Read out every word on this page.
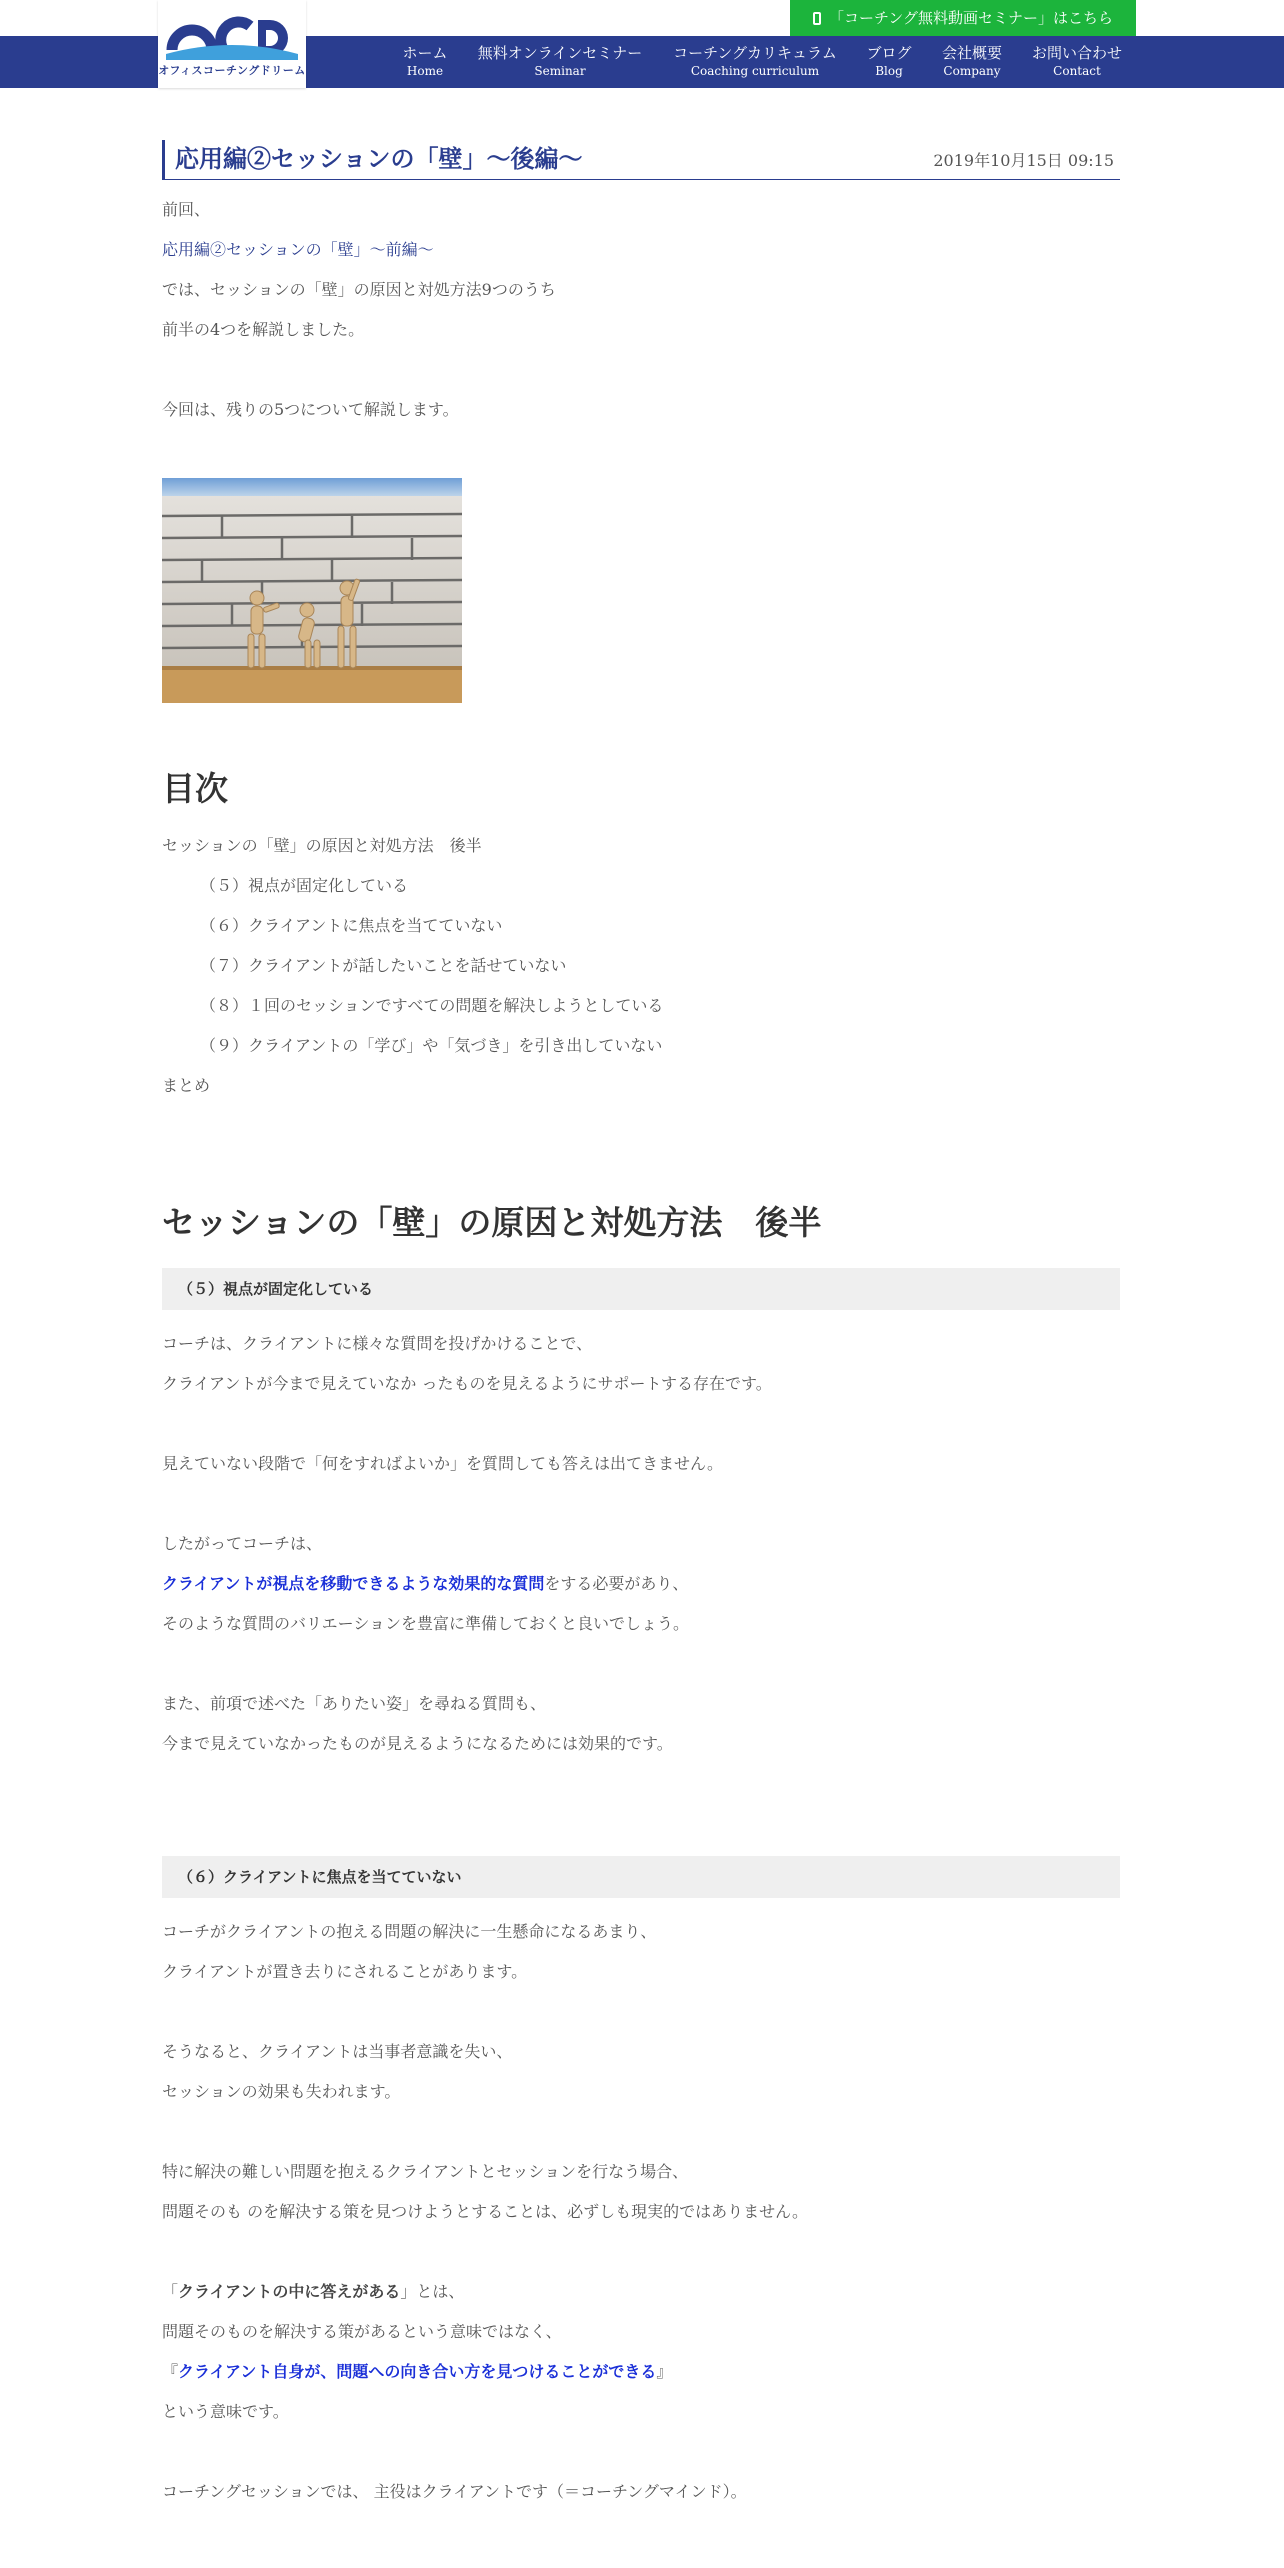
オフィスコーチングドリーム
「コーチング無料動画セミナー」はこちら
ホーム
Home
無料オンラインセミナー
Seminar
コーチングカリキュラム
Coaching curriculum
ブログ
Blog
会社概要
Company
お問い合わせ
Contact
応用編②セッションの「壁」〜後編〜	2019年10月15日 09:15
前回、
応用編②セッションの「壁」〜前編〜
では、セッションの「壁」の原因と対処方法9つのうち
前半の4つを解説しました。
今回は、残りの5つについて解説します。
目次
セッションの「壁」の原因と対処方法　後半
（５）視点が固定化している
（６）クライアントに焦点を当てていない
（７）クライアントが話したいことを話せていない
（８）１回のセッションですべての問題を解決しようとしている
（９）クライアントの「学び」や「気づき」を引き出していない
まとめ
セッションの「壁」の原因と対処方法　後半
（５）視点が固定化している
コーチは、クライアントに様々な質問を投げかけることで、
クライアントが今まで見えていなか ったものを見えるようにサポートする存在です。
見えていない段階で「何をすればよいか」を質問しても答えは出てきません。
したがってコーチは、
クライアントが視点を移動できるような効果的な質問をする必要があり、
そのような質問のバリエーションを豊富に準備しておくと良いでしょう。
また、前項で述べた「ありたい姿」を尋ねる質問も、
今まで見えていなかったものが見えるようになるためには効果的です。
（６）クライアントに焦点を当てていない
コーチがクライアントの抱える問題の解決に一生懸命になるあまり、
クライアントが置き去りにされることがあります。
そうなると、クライアントは当事者意識を失い、
セッションの効果も失われます。
特に解決の難しい問題を抱えるクライアントとセッションを行なう場合、
問題そのも のを解決する策を見つけようとすることは、必ずしも現実的ではありません。
「クライアントの中に答えがある」とは、
問題そのものを解決する策があるという意味ではなく、
『クライアント自身が、問題への向き合い方を見つけることができる』
という意味です。
コーチングセッションでは、 主役はクライアントです（＝コーチングマインド）。
